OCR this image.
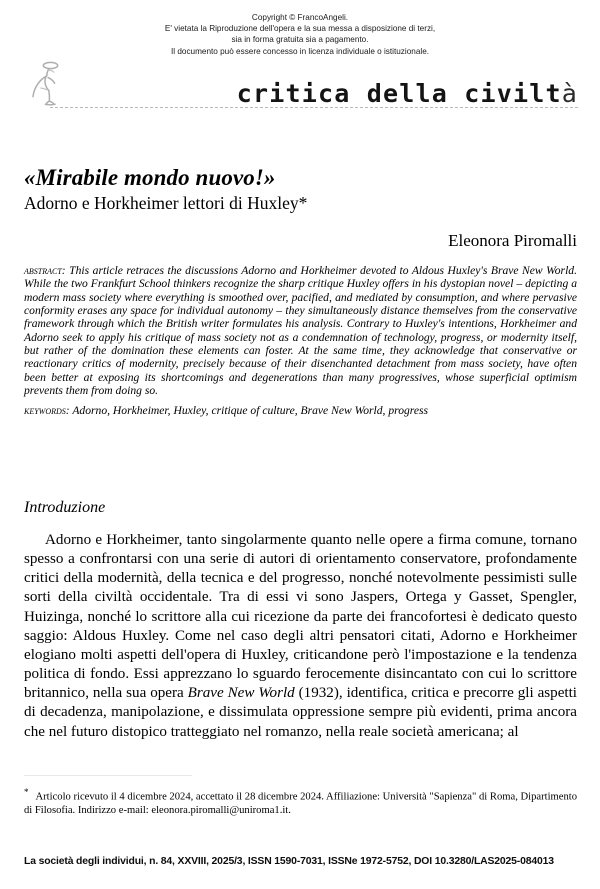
Copyright © FrancoAngeli.
E' vietata la Riproduzione dell'opera e la sua messa a disposizione di terzi,
sia in forma gratuita sia a pagamento.
Il documento può essere concesso in licenza individuale o istituzionale.
critica della civiltà
«Mirabile mondo nuovo!»
Adorno e Horkheimer lettori di Huxley*
Eleonora Piromalli

abstract: This article retraces the discussions Adorno and Horkheimer devoted to Aldous Huxley's Brave New World. While the two Frankfurt School thinkers recognize the sharp critique Huxley offers in his dystopian novel – depicting a modern mass society where everything is smoothed over, pacified, and mediated by consumption, and where pervasive conformity erases any space for individual autonomy – they simultaneously distance themselves from the conservative framework through which the British writer formulates his analysis. Contrary to Huxley's intentions, Horkheimer and Adorno seek to apply his critique of mass society not as a condemnation of technology, progress, or modernity itself, but rather of the domination these elements can foster. At the same time, they acknowledge that conservative or reactionary critics of modernity, precisely because of their disenchanted detachment from mass society, have often been better at exposing its shortcomings and degenerations than many progressives, whose superficial optimism prevents them from doing so.

keywords: Adorno, Horkheimer, Huxley, critique of culture, Brave New World, progress

Introduzione

Adorno e Horkheimer, tanto singolarmente quanto nelle opere a firma comune, tornano spesso a confrontarsi con una serie di autori di orientamento conservatore, profondamente critici della modernità, della tecnica e del progresso, nonché notevolmente pessimisti sulle sorti della civiltà occidentale. Tra di essi vi sono Jaspers, Ortega y Gasset, Spengler, Huizinga, nonché lo scrittore alla cui ricezione da parte dei francofortesi è dedicato questo saggio: Aldous Huxley. Come nel caso degli altri pensatori citati, Adorno e Horkheimer elogiano molti aspetti dell'opera di Huxley, criticandone però l'impostazione e la tendenza politica di fondo. Essi apprezzano lo sguardo ferocemente disincantato con cui lo scrittore britannico, nella sua opera Brave New World (1932), identifica, critica e precorre gli aspetti di decadenza, manipolazione, e dissimulata oppressione sempre più evidenti, prima ancora che nel futuro distopico tratteggiato nel romanzo, nella reale società americana; al

* Articolo ricevuto il 4 dicembre 2024, accettato il 28 dicembre 2024. Affiliazione: Università "Sapienza" di Roma, Dipartimento di Filosofia. Indirizzo e-mail: eleonora.piromalli@uniroma1.it.

La società degli individui, n. 84, XXVIII, 2025/3, ISSN 1590-7031, ISSNe 1972-5752, DOI 10.3280/LAS2025-084013
